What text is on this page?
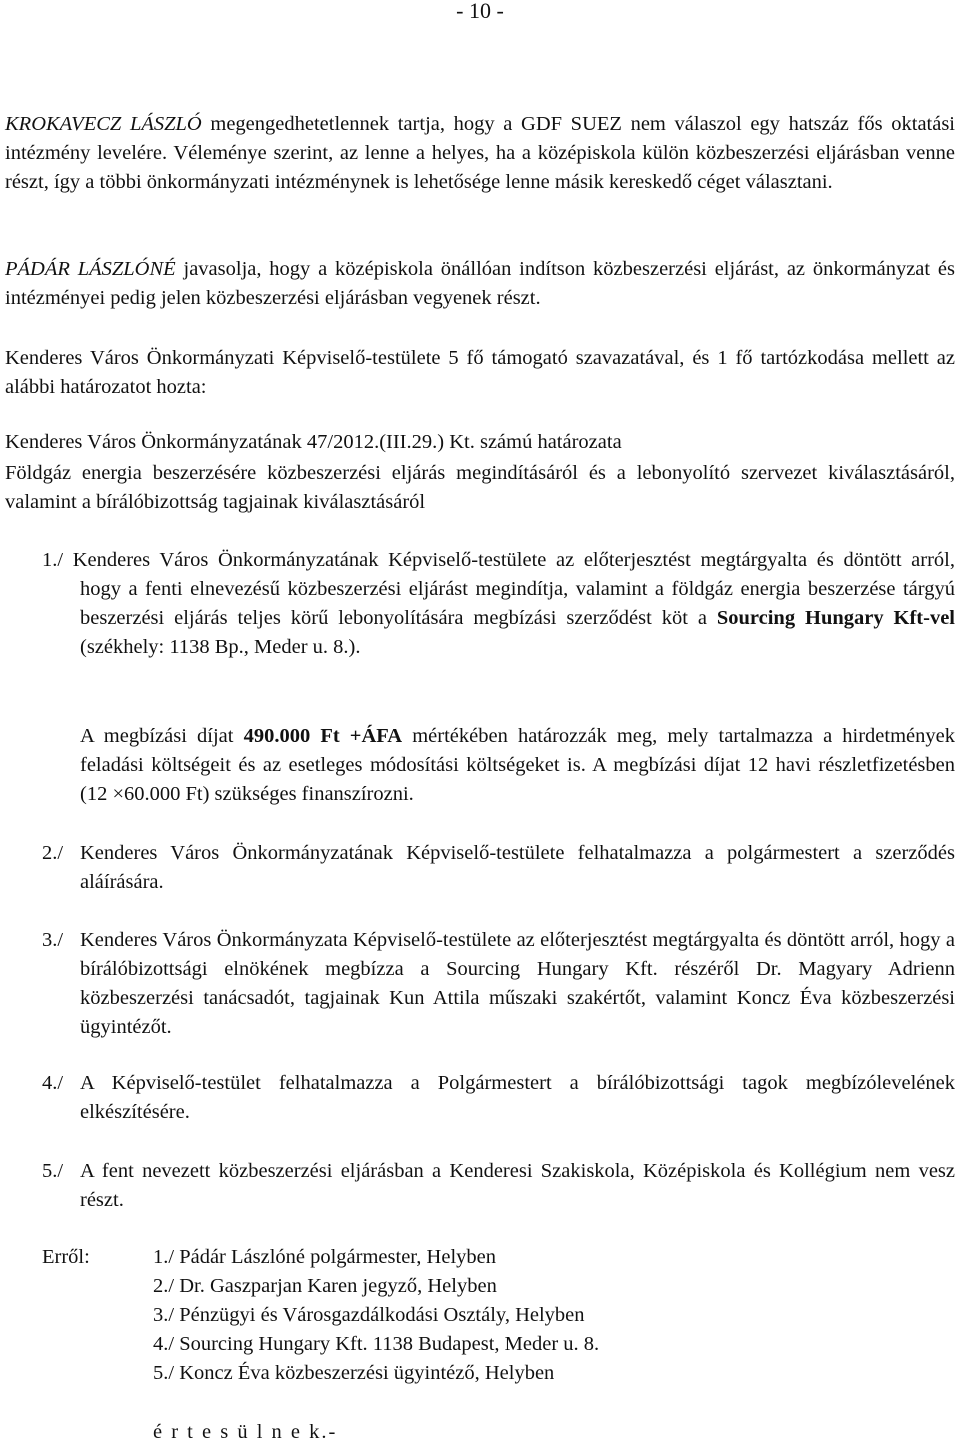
- 10 -
KROKAVECZ LÁSZLÓ megengedhetetlennek tartja, hogy a GDF SUEZ nem válaszol egy hatszáz fős oktatási intézmény levelére. Véleménye szerint, az lenne a helyes, ha a középiskola külön közbeszerzési eljárásban venne részt, így a többi önkormányzati intézménynek is lehetősége lenne másik kereskedő céget választani.
PÁDÁR LÁSZLÓNÉ javasolja, hogy a középiskola önállóan indítson közbeszerzési eljárást, az önkormányzat és intézményei pedig jelen közbeszerzési eljárásban vegyenek részt.
Kenderes Város Önkormányzati Képviselő-testülete 5 fő támogató szavazatával, és 1 fő tartózkodása mellett az alábbi határozatot hozta:
Kenderes Város Önkormányzatának 47/2012.(III.29.) Kt. számú határozata
Földgáz energia beszerzésére közbeszerzési eljárás megindításáról és a lebonyolító szervezet kiválasztásáról, valamint a bírálóbizottság tagjainak kiválasztásáról
1./ Kenderes Város Önkormányzatának Képviselő-testülete az előterjesztést megtárgyalta és döntött arról, hogy a fenti elnevezésű közbeszerzési eljárást megindítja, valamint a földgáz energia beszerzése tárgyú beszerzési eljárás teljes körű lebonyolítására megbízási szerződést köt a Sourcing Hungary Kft-vel (székhely: 1138 Bp., Meder u. 8.).
A megbízási díjat 490.000 Ft +ÁFA mértékében határozzák meg, mely tartalmazza a hirdetmények feladási költségeit és az esetleges módosítási költségeket is. A megbízási díjat 12 havi részletfizetésben (12 ×60.000 Ft) szükséges finanszírozni.
2./ Kenderes Város Önkormányzatának Képviselő-testülete felhatalmazza a polgármestert a szerződés aláírására.
3./ Kenderes Város Önkormányzata Képviselő-testülete az előterjesztést megtárgyalta és döntött arról, hogy a bírálóbizottsági elnökének megbízza a Sourcing Hungary Kft. részéről Dr. Magyary Adrienn közbeszerzési tanácsadót, tagjainak Kun Attila műszaki szakértőt, valamint Koncz Éva közbeszerzési ügyintézőt.
4./ A Képviselő-testület felhatalmazza a Polgármestert a bírálóbizottsági tagok megbízólevelének elkészítésére.
5./ A fent nevezett közbeszerzési eljárásban a Kenderesi Szakiskola, Középiskola és Kollégium nem vesz részt.
Erről:	1./ Pádár Lászlóné polgármester, Helyben
2./ Dr. Gaszparjan Karen jegyző, Helyben
3./ Pénzügyi és Városgazdálkodási Osztály, Helyben
4./ Sourcing Hungary Kft. 1138 Budapest, Meder u. 8.
5./ Koncz Éva közbeszerzési ügyintéző, Helyben
é r t e s ü l n e k.-
